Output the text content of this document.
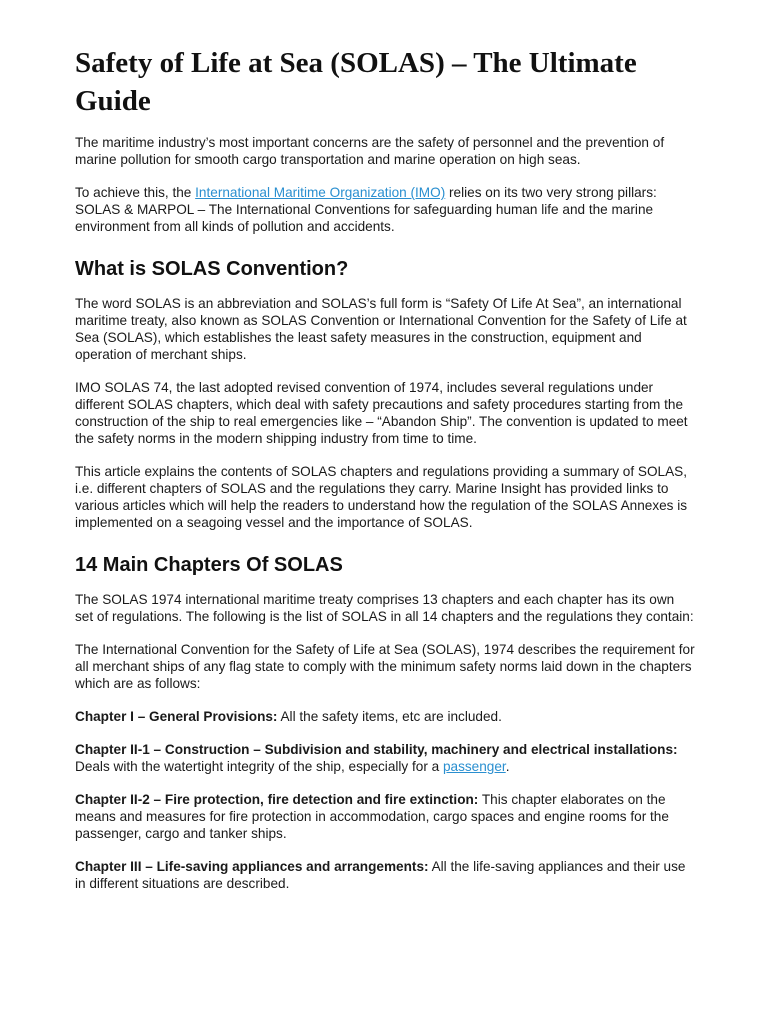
Safety of Life at Sea (SOLAS) – The Ultimate Guide

The maritime industry’s most important concerns are the safety of personnel and the prevention of marine pollution for smooth cargo transportation and marine operation on high seas.

To achieve this, the International Maritime Organization (IMO) relies on its two very strong pillars: SOLAS & MARPOL – The International Conventions for safeguarding human life and the marine environment from all kinds of pollution and accidents.

What is SOLAS Convention?

The word SOLAS is an abbreviation and SOLAS’s full form is “Safety Of Life At Sea”, an international maritime treaty, also known as SOLAS Convention or International Convention for the Safety of Life at Sea (SOLAS), which establishes the least safety measures in the construction, equipment and operation of merchant ships.

IMO SOLAS 74, the last adopted revised convention of 1974, includes several regulations under different SOLAS chapters, which deal with safety precautions and safety procedures starting from the construction of the ship to real emergencies like – “Abandon Ship”. The convention is updated to meet the safety norms in the modern shipping industry from time to time.

This article explains the contents of SOLAS chapters and regulations providing a summary of SOLAS, i.e. different chapters of SOLAS and the regulations they carry. Marine Insight has provided links to various articles which will help the readers to understand how the regulation of the SOLAS Annexes is implemented on a seagoing vessel and the importance of SOLAS.

14 Main Chapters Of SOLAS

The SOLAS 1974 international maritime treaty comprises 13 chapters and each chapter has its own set of regulations. The following is the list of SOLAS in all 14 chapters and the regulations they contain:

The International Convention for the Safety of Life at Sea (SOLAS), 1974 describes the requirement for all merchant ships of any flag state to comply with the minimum safety norms laid down in the chapters which are as follows:

Chapter I – General Provisions: All the safety items, etc are included.

Chapter II-1 – Construction – Subdivision and stability, machinery and electrical installations: Deals with the watertight integrity of the ship, especially for a passenger.

Chapter II-2 – Fire protection, fire detection and fire extinction: This chapter elaborates on the means and measures for fire protection in accommodation, cargo spaces and engine rooms for the passenger, cargo and tanker ships.

Chapter III – Life-saving appliances and arrangements: All the life-saving appliances and their use in different situations are described.
